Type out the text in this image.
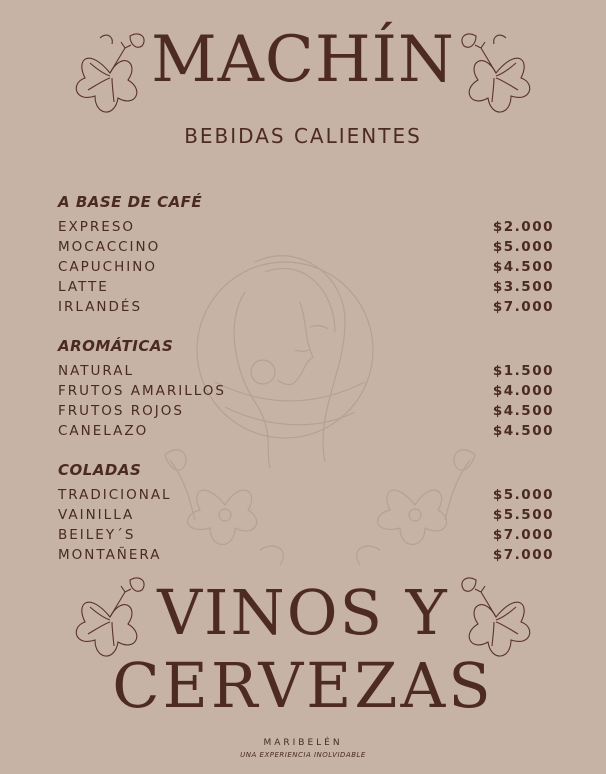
MACHÍN
BEBIDAS CALIENTES
A BASE DE CAFÉ
EXPRESO	$2.000
MOCACCINO	$5.000
CAPUCHINO	$4.500
LATTE	$3.500
IRLANDÉS	$7.000
AROMÁTICAS
NATURAL	$1.500
FRUTOS AMARILLOS	$4.000
FRUTOS ROJOS	$4.500
CANELAZO	$4.500
COLADAS
TRADICIONAL	$5.000
VAINILLA	$5.500
BEILEY´S	$7.000
MONTAÑERA	$7.000
VINOS Y
CERVEZAS
MARIBELÉN
UNA EXPERIENCIA INOLVIDABLE
